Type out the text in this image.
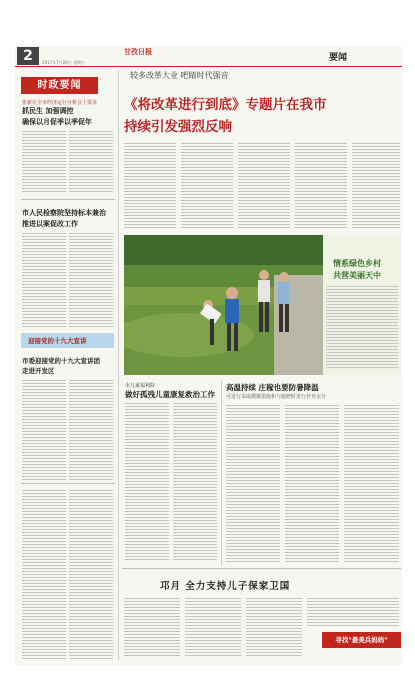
2	2017年7月28日 星期五
甘孜日报
要闻
时政要闻
张新在全市经济运行分析会上要求
抓民生 加强调控
确保以月促季以季促年
市人民检察院坚持标本兼治
推进以案促改工作
迎接党的十九大宣讲
市委迎接党的十九大宣讲团
走进开发区
较多改革大业 吧睛时代强音
《将改革进行到底》专题片在我市
持续引发强烈反响
情系绿色乡村
共营美丽天中
市儿童福利院
做好孤残儿童康复救治工作
高温持续 庄稼也要防暑降温
可进行采取灌溉措施和与施肥时进行补充水分
邛月 全力支持儿子保家卫国
寻找"最美兵妈妈"
